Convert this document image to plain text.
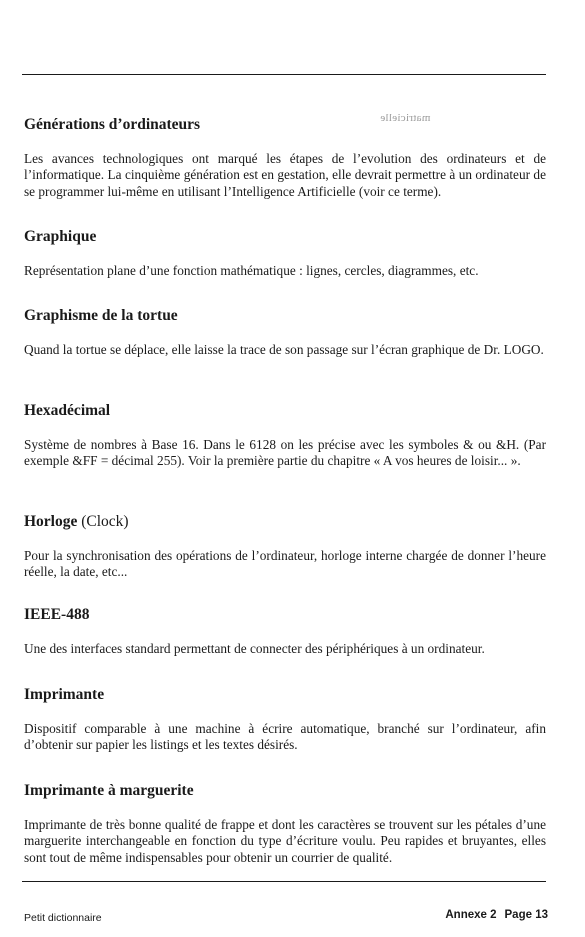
matricielle

Générations d’ordinateurs

Les avances technologiques ont marqué les étapes de l’evolution des ordinateurs et de l’informatique. La cinquième génération est en gestation, elle devrait permettre à un ordinateur de se programmer lui-même en utilisant l’Intelligence Artificielle (voir ce terme).

Graphique

Représentation plane d’une fonction mathématique : lignes, cercles, diagrammes, etc.

Graphisme de la tortue

Quand la tortue se déplace, elle laisse la trace de son passage sur l’écran graphique de Dr. LOGO.

Hexadécimal

Système de nombres à Base 16. Dans le 6128 on les précise avec les symboles & ou &H. (Par exemple &FF = décimal 255). Voir la première partie du chapitre « A vos heures de loisir... ».

Horloge (Clock)

Pour la synchronisation des opérations de l’ordinateur, horloge interne chargée de donner l’heure réelle, la date, etc...

IEEE-488

Une des interfaces standard permettant de connecter des périphériques à un ordinateur.

Imprimante

Dispositif comparable à une machine à écrire automatique, branché sur l’ordinateur, afin d’obtenir sur papier les listings et les textes désirés.

Imprimante à marguerite

Imprimante de très bonne qualité de frappe et dont les caractères se trouvent sur les pétales d’une marguerite interchangeable en fonction du type d’écriture voulu. Peu rapides et bruyantes, elles sont tout de même indispensables pour obtenir un courrier de qualité.

Petit dictionnaire	Annexe 2 Page 13
